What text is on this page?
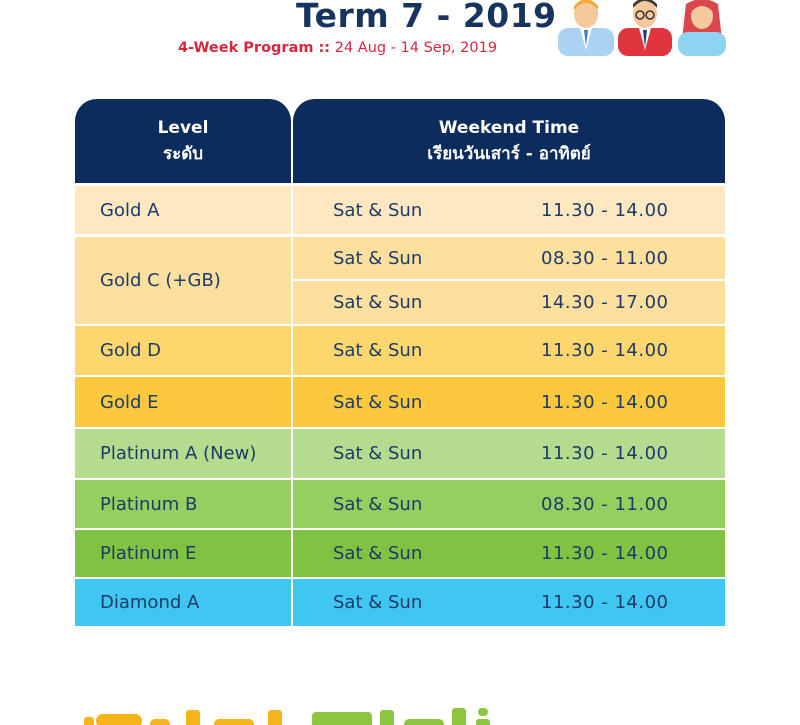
Term 7 - 2019
4-Week Program :: 24 Aug - 14 Sep, 2019
Level
ระดับ
Weekend Time
เรียนวันเสาร์ - อาทิตย์
Gold A	Sat & Sun	11.30 - 14.00
Gold C (+GB)
Sat & Sun	08.30 - 11.00
Sat & Sun	14.30 - 17.00
Gold D	Sat & Sun	11.30 - 14.00
Gold E	Sat & Sun	11.30 - 14.00
Platinum A (New)	Sat & Sun	11.30 - 14.00
Platinum B	Sat & Sun	08.30 - 11.00
Platinum E	Sat & Sun	11.30 - 14.00
Diamond A	Sat & Sun	11.30 - 14.00
